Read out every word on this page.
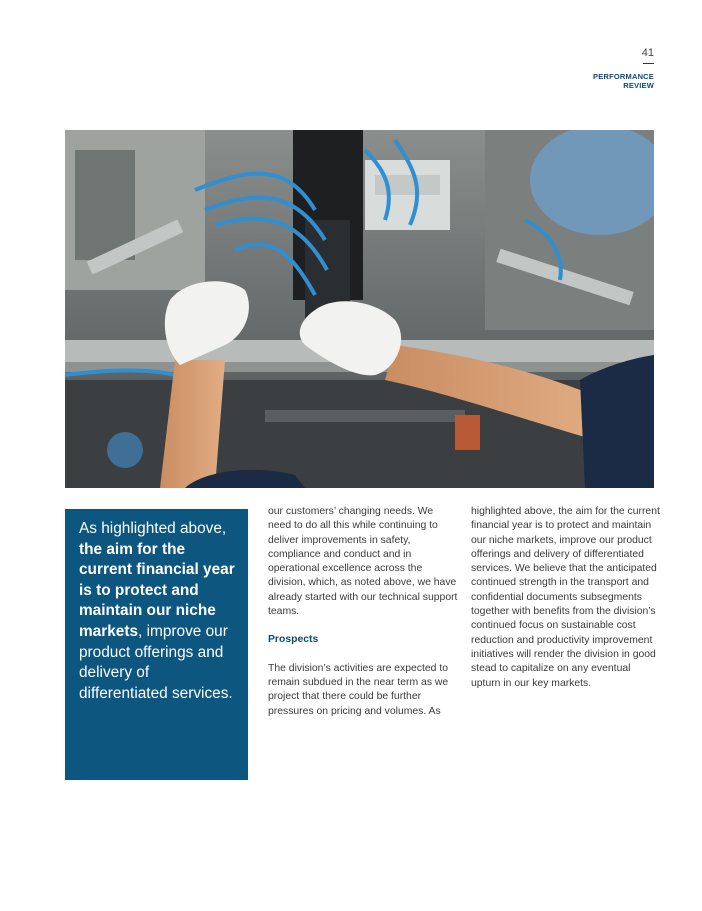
41
PERFORMANCE
REVIEW

As highlighted above, the aim for the current financial year is to protect and maintain our niche markets, improve our product offerings and delivery of differentiated services.

our customers’ changing needs. We need to do all this while continuing to deliver improvements in safety, compliance and conduct and in operational excellence across the division, which, as noted above, we have already started with our technical support teams.

Prospects

The division’s activities are expected to remain subdued in the near term as we project that there could be further pressures on pricing and volumes. As

highlighted above, the aim for the current financial year is to protect and maintain our niche markets, improve our product offerings and delivery of differentiated services. We believe that the anticipated continued strength in the transport and confidential documents subsegments together with benefits from the division’s continued focus on sustainable cost reduction and productivity improvement initiatives will render the division in good stead to capitalize on any eventual upturn in our key markets.
